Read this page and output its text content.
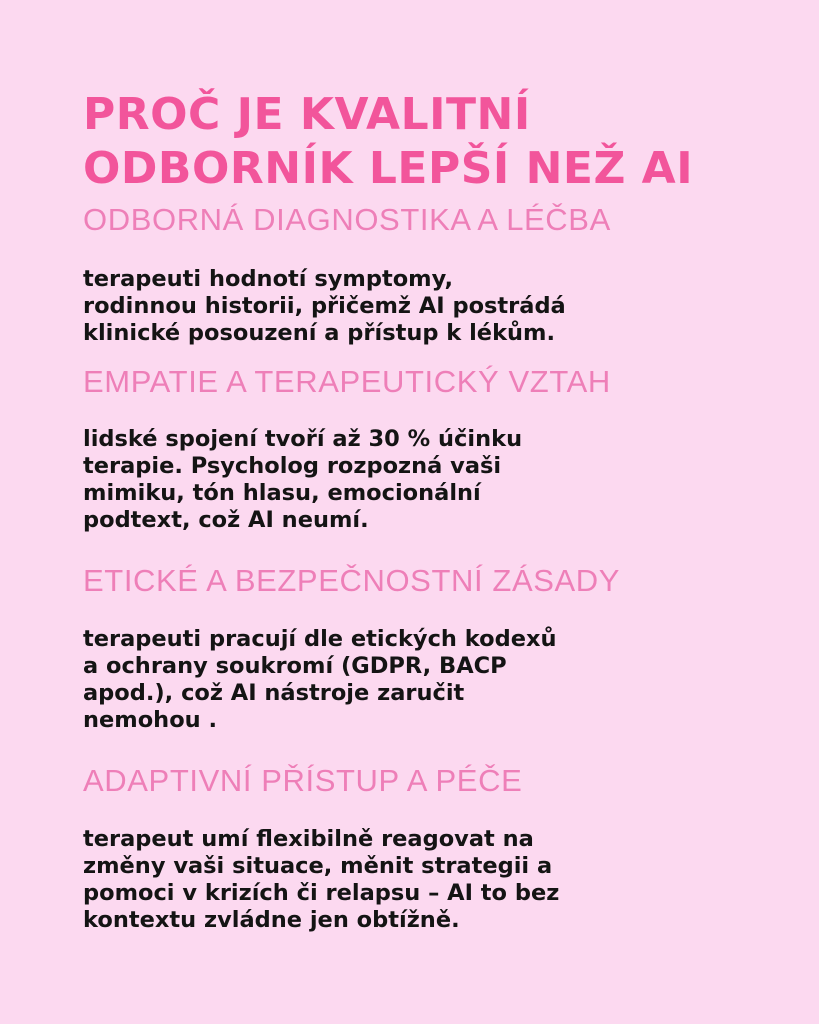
PROČ JE KVALITNÍ
ODBORNÍK LEPŠÍ NEŽ AI
ODBORNÁ DIAGNOSTIKA A LÉČBA

terapeuti hodnotí symptomy,
rodinnou historii, přičemž AI postrádá
klinické posouzení a přístup k lékům.

EMPATIE A TERAPEUTICKÝ VZTAH

lidské spojení tvoří až 30 % účinku
terapie. Psycholog rozpozná vaši
mimiku, tón hlasu, emocionální
podtext, což AI neumí.

ETICKÉ A BEZPEČNOSTNÍ ZÁSADY

terapeuti pracují dle etických kodexů
a ochrany soukromí (GDPR, BACP
apod.), což AI nástroje zaručit
nemohou .

ADAPTIVNÍ PŘÍSTUP A PÉČE

terapeut umí flexibilně reagovat na
změny vaši situace, měnit strategii a
pomoci v krizích či relapsu – AI to bez
kontextu zvládne jen obtížně.
